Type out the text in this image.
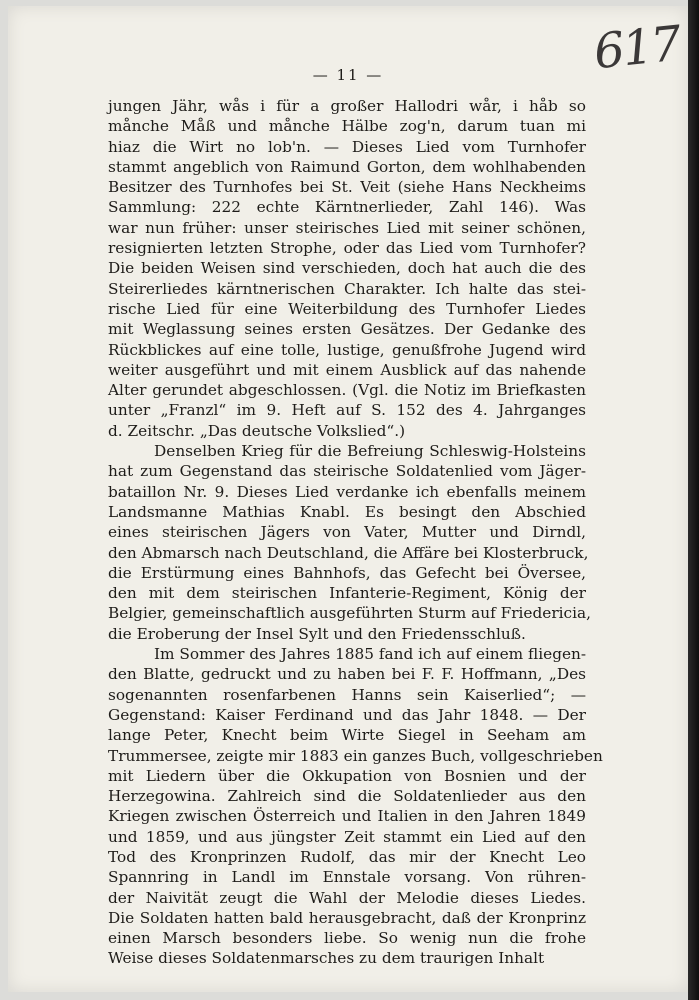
— 11 —	617
jungen Jähr, wås i für a großer Hallodri wår, i håb so
månche Måß und månche Hälbe zog'n, darum tuan mi
hiaz die Wirt no lob'n. — Dieses Lied vom Turnhofer
stammt angeblich von Raimund Gorton, dem wohlhabenden
Besitzer des Turnhofes bei St. Veit (siehe Hans Neckheims
Sammlung: 222 echte Kärntnerlieder, Zahl 146). Was
war nun früher: unser steirisches Lied mit seiner schönen,
resignierten letzten Strophe, oder das Lied vom Turnhofer?
Die beiden Weisen sind verschieden, doch hat auch die des
Steirerliedes kärntnerischen Charakter. Ich halte das stei-
rische Lied für eine Weiterbildung des Turnhofer Liedes
mit Weglassung seines ersten Gesätzes. Der Gedanke des
Rückblickes auf eine tolle, lustige, genußfrohe Jugend wird
weiter ausgeführt und mit einem Ausblick auf das nahende
Alter gerundet abgeschlossen. (Vgl. die Notiz im Briefkasten
unter „Franzl“ im 9. Heft auf S. 152 des 4. Jahrganges
d. Zeitschr. „Das deutsche Volkslied“.)
Denselben Krieg für die Befreiung Schleswig-Holsteins
hat zum Gegenstand das steirische Soldatenlied vom Jäger-
bataillon Nr. 9. Dieses Lied verdanke ich ebenfalls meinem
Landsmanne Mathias Knabl. Es besingt den Abschied
eines steirischen Jägers von Vater, Mutter und Dirndl,
den Abmarsch nach Deutschland, die Affäre bei Klosterbruck,
die Erstürmung eines Bahnhofs, das Gefecht bei Översee,
den mit dem steirischen Infanterie-Regiment, König der
Belgier, gemeinschaftlich ausgeführten Sturm auf Friedericia,
die Eroberung der Insel Sylt und den Friedensschluß.
Im Sommer des Jahres 1885 fand ich auf einem fliegen-
den Blatte, gedruckt und zu haben bei F. F. Hoffmann, „Des
sogenannten rosenfarbenen Hanns sein Kaiserlied“; —
Gegenstand: Kaiser Ferdinand und das Jahr 1848. — Der
lange Peter, Knecht beim Wirte Siegel in Seeham am
Trummersee, zeigte mir 1883 ein ganzes Buch, vollgeschrieben
mit Liedern über die Okkupation von Bosnien und der
Herzegowina. Zahlreich sind die Soldatenlieder aus den
Kriegen zwischen Österreich und Italien in den Jahren 1849
und 1859, und aus jüngster Zeit stammt ein Lied auf den
Tod des Kronprinzen Rudolf, das mir der Knecht Leo
Spannring in Landl im Ennstale vorsang. Von rühren-
der Naivität zeugt die Wahl der Melodie dieses Liedes.
Die Soldaten hatten bald herausgebracht, daß der Kronprinz
einen Marsch besonders liebe. So wenig nun die frohe
Weise dieses Soldatenmarsches zu dem traurigen Inhalt
